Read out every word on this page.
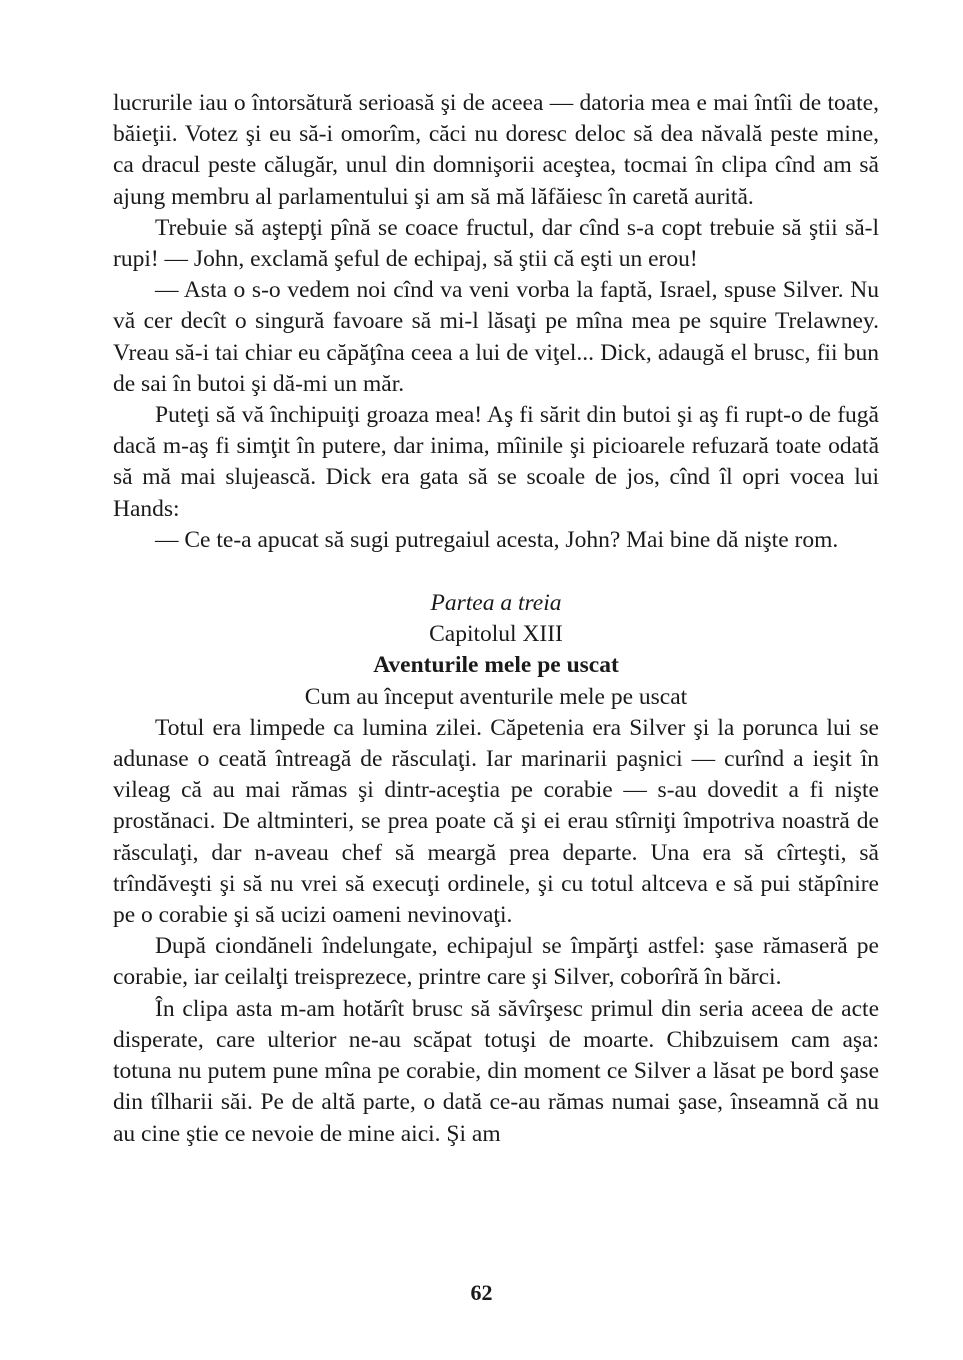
lucrurile iau o întorsătură serioasă şi de aceea — datoria mea e mai întîi de toate, băieţii. Votez şi eu să-i omorîm, căci nu doresc deloc să dea năvală peste mine, ca dracul peste călugăr, unul din domnişorii aceştea, tocmai în clipa cînd am să ajung membru al parlamentului şi am să mă lăfăiesc în caretă aurită.

Trebuie să aştepţi pînă se coace fructul, dar cînd s-a copt trebuie să ştii să-l rupi! — John, exclamă şeful de echipaj, să ştii că eşti un erou!

— Asta o s-o vedem noi cînd va veni vorba la faptă, Israel, spuse Silver. Nu vă cer decît o singură favoare să mi-l lăsaţi pe mîna mea pe squire Trelawney. Vreau să-i tai chiar eu căpăţîna ceea a lui de viţel... Dick, adaugă el brusc, fii bun de sai în butoi şi dă-mi un măr.

Puteţi să vă închipuiţi groaza mea! Aş fi sărit din butoi şi aş fi rupt-o de fugă dacă m-aş fi simţit în putere, dar inima, mîinile şi picioarele refuzară toate odată să mă mai slujească. Dick era gata să se scoale de jos, cînd îl opri vocea lui Hands:

— Ce te-a apucat să sugi putregaiul acesta, John? Mai bine dă nişte rom.

Partea a treia
Capitolul XIII
Aventurile mele pe uscat
Cum au început aventurile mele pe uscat

Totul era limpede ca lumina zilei. Căpetenia era Silver şi la porunca lui se adunase o ceată întreagă de răsculaţi. Iar marinarii paşnici — curînd a ieşit în vileag că au mai rămas şi dintr-aceştia pe corabie — s-au dovedit a fi nişte prostănaci. De altminteri, se prea poate că şi ei erau stîrniţi împotriva noastră de răsculaţi, dar n-aveau chef să meargă prea departe. Una era să cîrteşti, să trîndăveşti şi să nu vrei să execuţi ordinele, şi cu totul altceva e să pui stăpînire pe o corabie şi să ucizi oameni nevinovaţi.

După ciondăneli îndelungate, echipajul se împărţi astfel: şase rămaseră pe corabie, iar ceilalţi treisprezece, printre care şi Silver, coborîră în bărci.

În clipa asta m-am hotărît brusc să săvîrşesc primul din seria aceea de acte disperate, care ulterior ne-au scăpat totuşi de moarte. Chibzuisem cam aşa: totuna nu putem pune mîna pe corabie, din moment ce Silver a lăsat pe bord şase din tîlharii săi. Pe de altă parte, o dată ce-au rămas numai şase, înseamnă că nu au cine ştie ce nevoie de mine aici. Şi am

62
